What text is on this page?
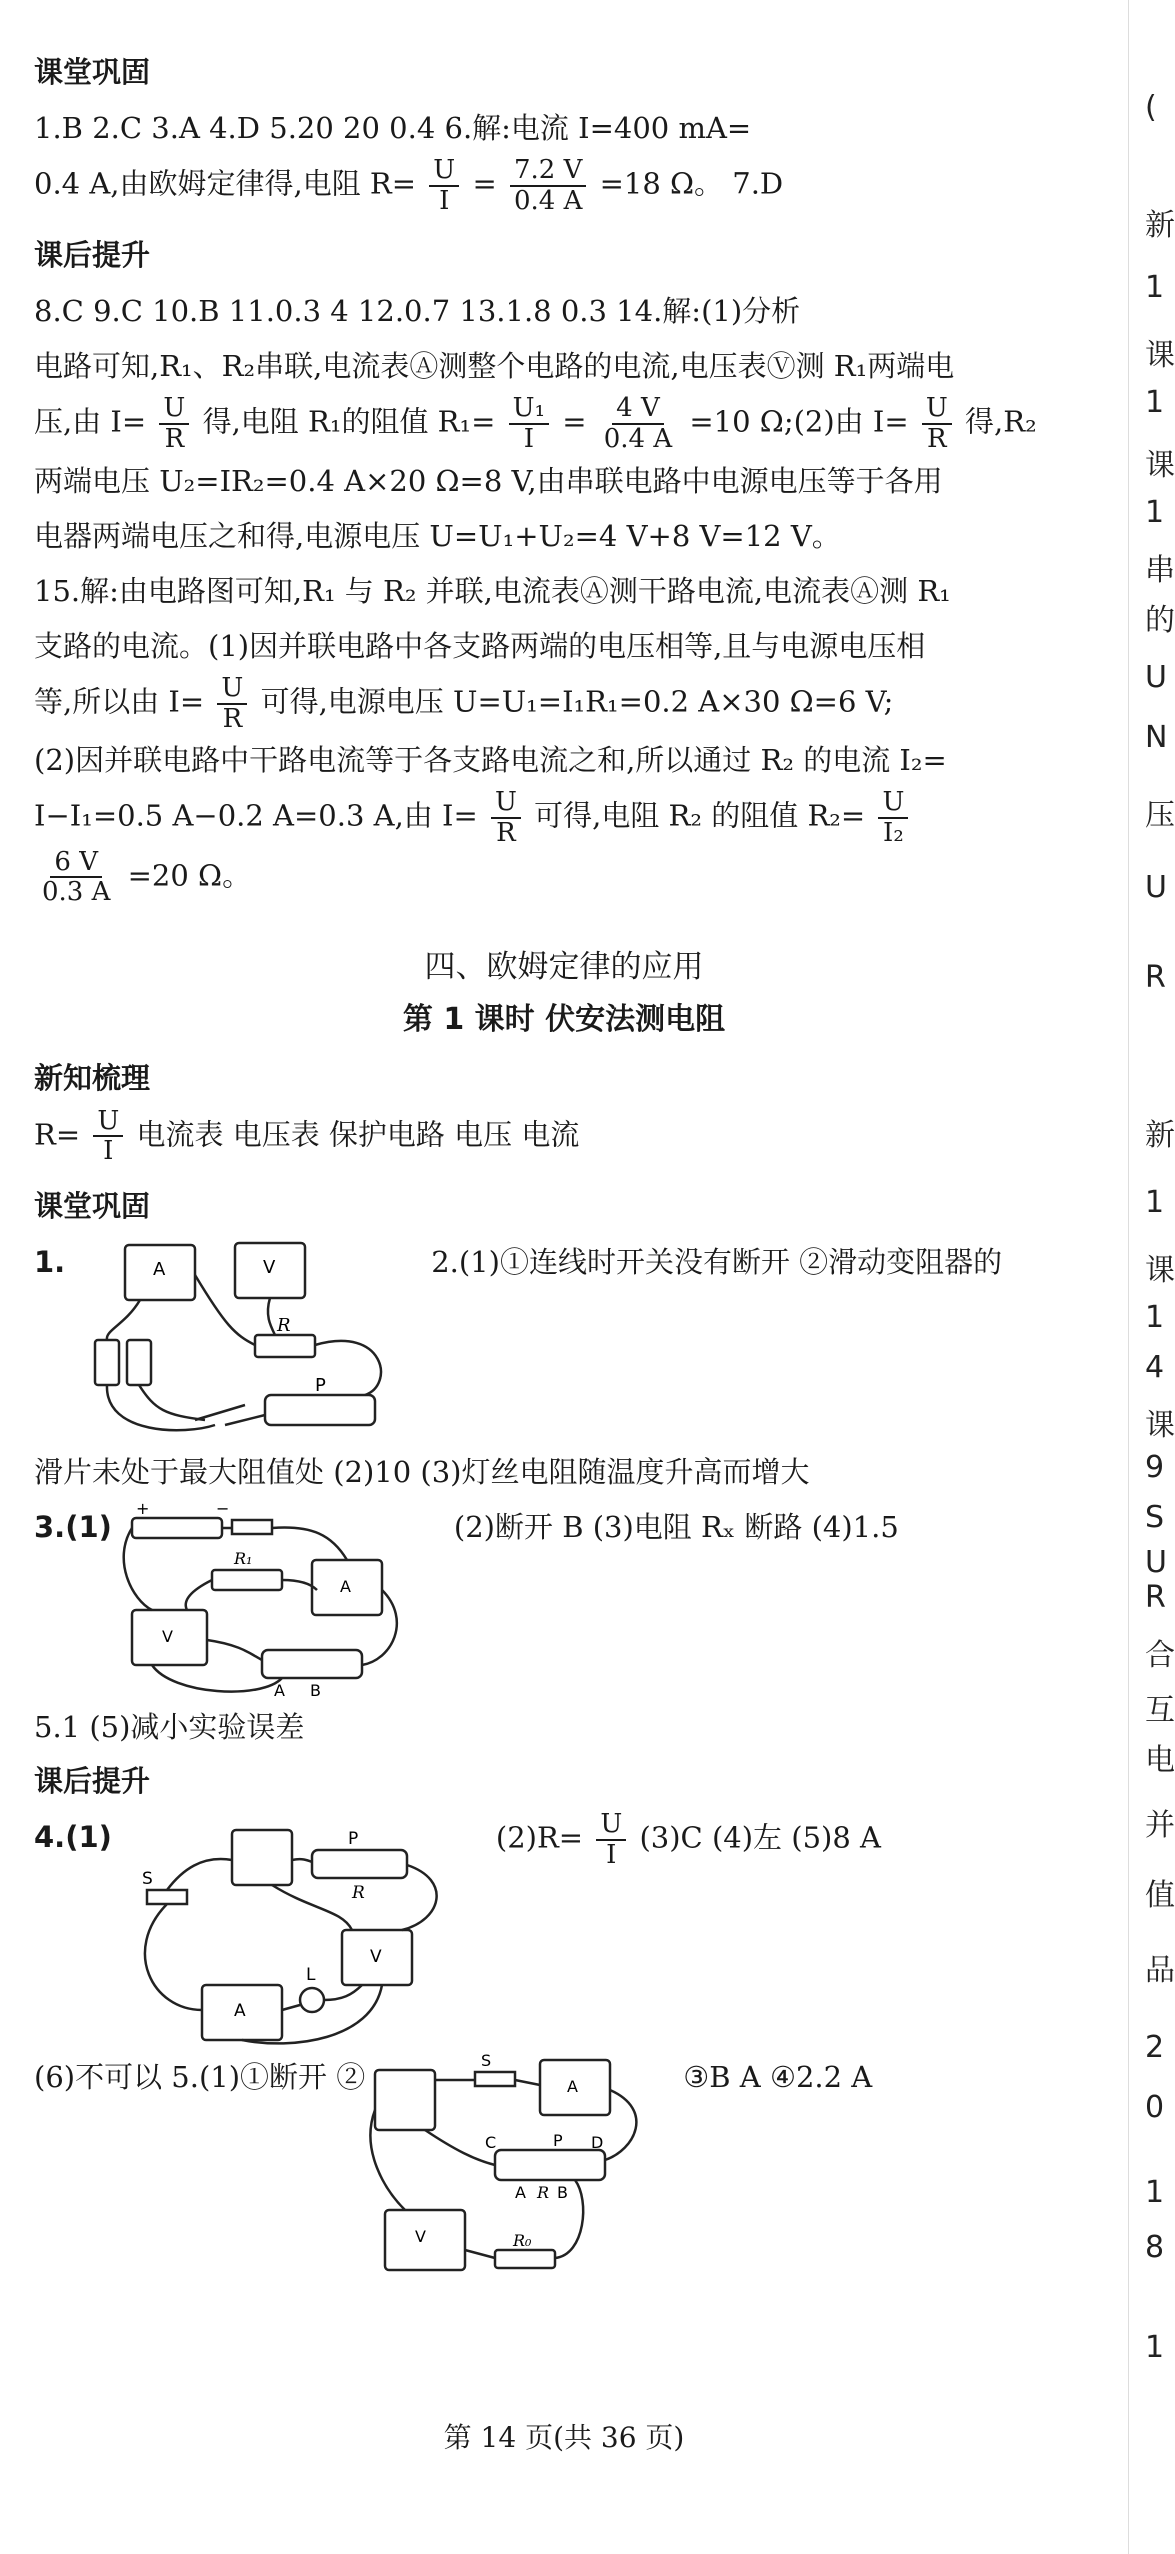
课堂巩固
1.B 2.C 3.A 4.D 5.20 20 0.4 6.解:电流 I=400 mA=
0.4 A,由欧姆定律得,电阻 $R= \frac{U}{I} = \frac{7.2 V}{0.4 A} =18$ Ω。 7.D
课后提升
8.C 9.C 10.B 11.0.3 4 12.0.7 13.1.8 0.3 14.解:(1)分析
电路可知,R₁、R₂串联,电流表Ⓐ测整个电路的电流,电压表Ⓥ测 R₁两端电
压,由 $I= \frac{U}{R}$ 得,电阻 R₁的阻值 $R_1= \frac{\text{U₁}}{I} = \frac{4 V}{0.4 A} =10$ Ω;(2)由 $I= \frac{U}{R}$ 得,R₂
两端电压 U₂=IR₂=0.4 A×20 Ω=8 V,由串联电路中电源电压等于各用
电器两端电压之和得,电源电压 U=U₁+U₂=4 V+8 V=12 V。
15.解:由电路图可知,R₁ 与 R₂ 并联,电流表Ⓐ测干路电流,电流表Ⓐ测 R₁
支路的电流。(1)因并联电路中各支路两端的电压相等,且与电源电压相
等,所以由 $I= \frac{U}{R}$ 可得,电源电压 U=U₁=I₁R₁=0.2 A×30 Ω=6 V;
(2)因并联电路中干路电流等于各支路电流之和,所以通过 R₂ 的电流 I₂=
I−I₁=0.5 A−0.2 A=0.3 A,由 $I= \frac{U}{R}$ 可得,电阻 R₂ 的阻值 $R_2= \frac{U}{\text{I₂}}$
$\frac{6 V}{0.3 A} =20$ Ω。
四、欧姆定律的应用
第 1 课时 伏安法测电阻
新知梳理
$R= \frac{U}{I}$ 电流表 电压表 保护电路 电压 电流
课堂巩固
1.	A	V
R
P
2.(1)①连线时开关没有断开 ②滑动变阻器的
滑片未处于最大阻值处 (2)10 (3)灯丝电阻随温度升高而增大
3.(1)
+	−
R₁
A
V
A B
(2)断开 B (3)电阻 Rₓ 断路 (4)1.5
5.1 (5)减小实验误差
课后提升
4.(1)
S
P
R
V
A
L
$(2)R= \frac{U}{I} (3)C$ (4)左 (5)8 A
(6)不可以 5.(1)①断开 ②	S
A
C	P D
A R B
V	R₀
③B A ④2.2 A
第 14 页(共 36 页)
(
新
1
课
1
课
1
串
的
U
N
压
U
R
新
1
课
1
4
课
9
S
U
R
合
互
电
并
值
品
2
0
1
8
1
